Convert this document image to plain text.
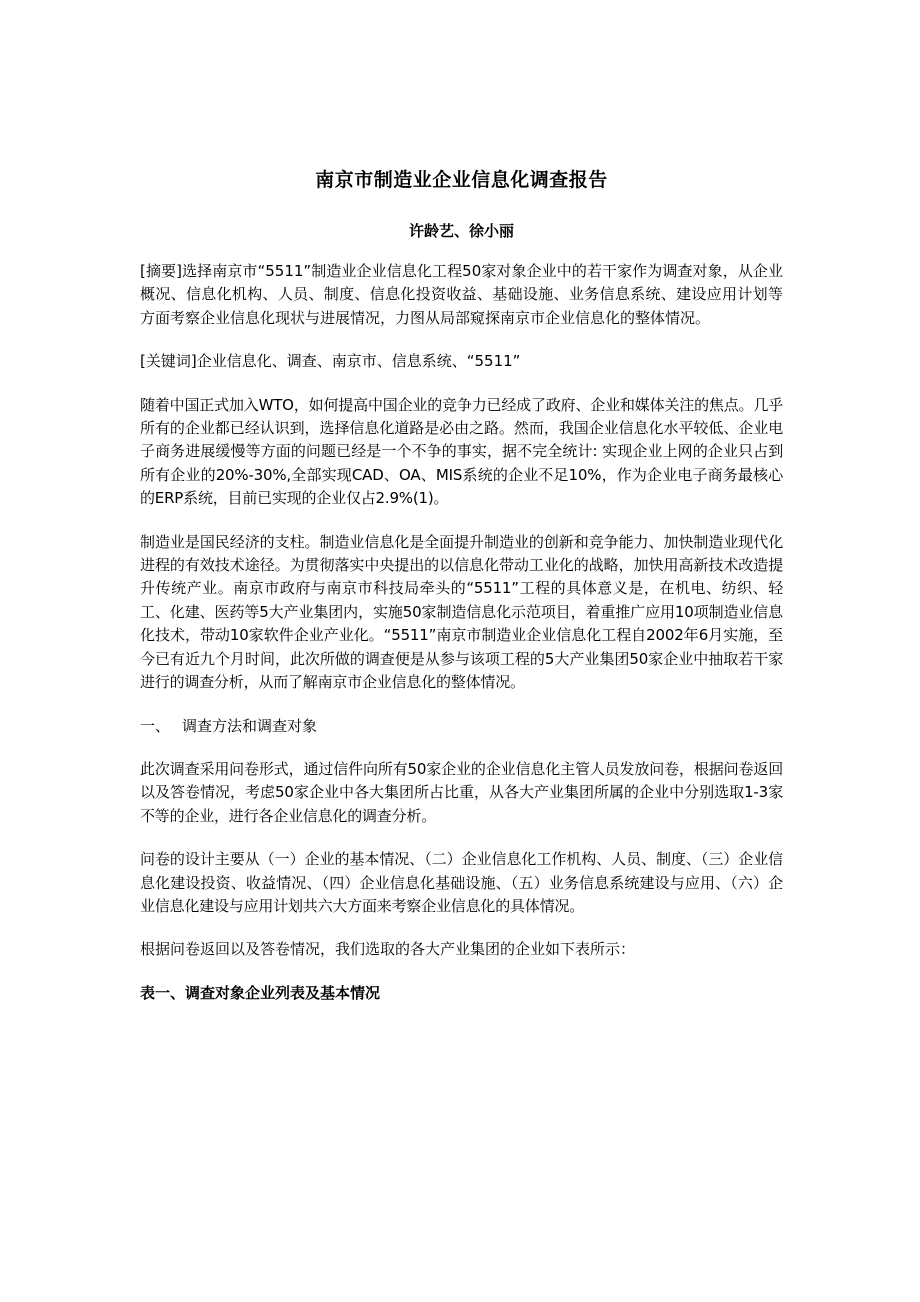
南京市制造业企业信息化调查报告
许龄艺、徐小丽

[摘要]选择南京市“5511”制造业企业信息化工程50家对象企业中的若干家作为调查对象，从企业概况、信息化机构、人员、制度、信息化投资收益、基础设施、业务信息系统、建设应用计划等方面考察企业信息化现状与进展情况，力图从局部窥探南京市企业信息化的整体情况。

[关键词]企业信息化、调查、南京市、信息系统、“5511”

随着中国正式加入WTO，如何提高中国企业的竞争力已经成了政府、企业和媒体关注的焦点。几乎所有的企业都已经认识到，选择信息化道路是必由之路。然而，我国企业信息化水平较低、企业电子商务进展缓慢等方面的问题已经是一个不争的事实，据不完全统计: 实现企业上网的企业只占到所有企业的20%-30%,全部实现CAD、OA、MIS系统的企业不足10%，作为企业电子商务最核心的ERP系统，目前已实现的企业仅占2.9%(1)。

制造业是国民经济的支柱。制造业信息化是全面提升制造业的创新和竞争能力、加快制造业现代化进程的有效技术途径。为贯彻落实中央提出的以信息化带动工业化的战略，加快用高新技术改造提升传统产业。南京市政府与南京市科技局牵头的“5511”工程的具体意义是，在机电、纺织、轻工、化建、医药等5大产业集团内，实施50家制造信息化示范项目，着重推广应用10项制造业信息化技术，带动10家软件企业产业化。“5511”南京市制造业企业信息化工程自2002年6月实施，至今已有近九个月时间，此次所做的调查便是从参与该项工程的5大产业集团50家企业中抽取若干家进行的调查分析，从而了解南京市企业信息化的整体情况。

一、 调查方法和调查对象

此次调查采用问卷形式，通过信件向所有50家企业的企业信息化主管人员发放问卷，根据问卷返回以及答卷情况，考虑50家企业中各大集团所占比重，从各大产业集团所属的企业中分别选取1-3家不等的企业，进行各企业信息化的调查分析。

问卷的设计主要从（一）企业的基本情况、（二）企业信息化工作机构、人员、制度、（三）企业信息化建设投资、收益情况、（四）企业信息化基础设施、（五）业务信息系统建设与应用、（六）企业信息化建设与应用计划共六大方面来考察企业信息化的具体情况。

根据问卷返回以及答卷情况，我们选取的各大产业集团的企业如下表所示：

表一、调查对象企业列表及基本情况
